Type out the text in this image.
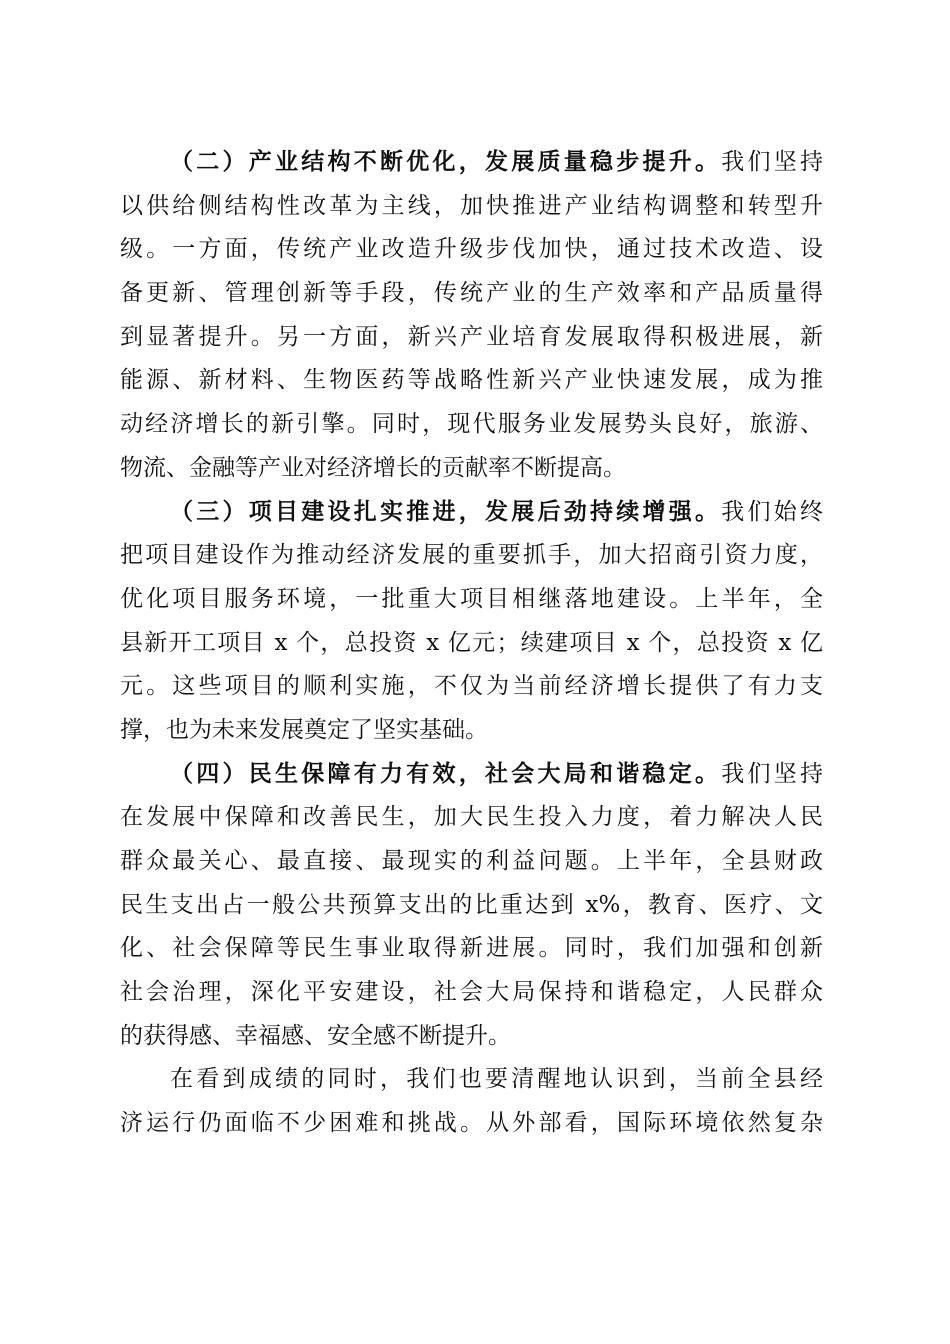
（二）产业结构不断优化，发展质量稳步提升。我们坚持
以供给侧结构性改革为主线，加快推进产业结构调整和转型升
级。一方面，传统产业改造升级步伐加快，通过技术改造、设
备更新、管理创新等手段，传统产业的生产效率和产品质量得
到显著提升。另一方面，新兴产业培育发展取得积极进展，新
能源、新材料、生物医药等战略性新兴产业快速发展，成为推
动经济增长的新引擎。同时，现代服务业发展势头良好，旅游、
物流、金融等产业对经济增长的贡献率不断提高。
（三）项目建设扎实推进，发展后劲持续增强。我们始终
把项目建设作为推动经济发展的重要抓手，加大招商引资力度，
优化项目服务环境，一批重大项目相继落地建设。上半年，全
县新开工项目 x 个，总投资 x 亿元；续建项目 x 个，总投资 x 亿
元。这些项目的顺利实施，不仅为当前经济增长提供了有力支
撑，也为未来发展奠定了坚实基础。
（四）民生保障有力有效，社会大局和谐稳定。我们坚持
在发展中保障和改善民生，加大民生投入力度，着力解决人民
群众最关心、最直接、最现实的利益问题。上半年，全县财政
民生支出占一般公共预算支出的比重达到 x%，教育、医疗、文
化、社会保障等民生事业取得新进展。同时，我们加强和创新
社会治理，深化平安建设，社会大局保持和谐稳定，人民群众
的获得感、幸福感、安全感不断提升。
在看到成绩的同时，我们也要清醒地认识到，当前全县经
济运行仍面临不少困难和挑战。从外部看，国际环境依然复杂
